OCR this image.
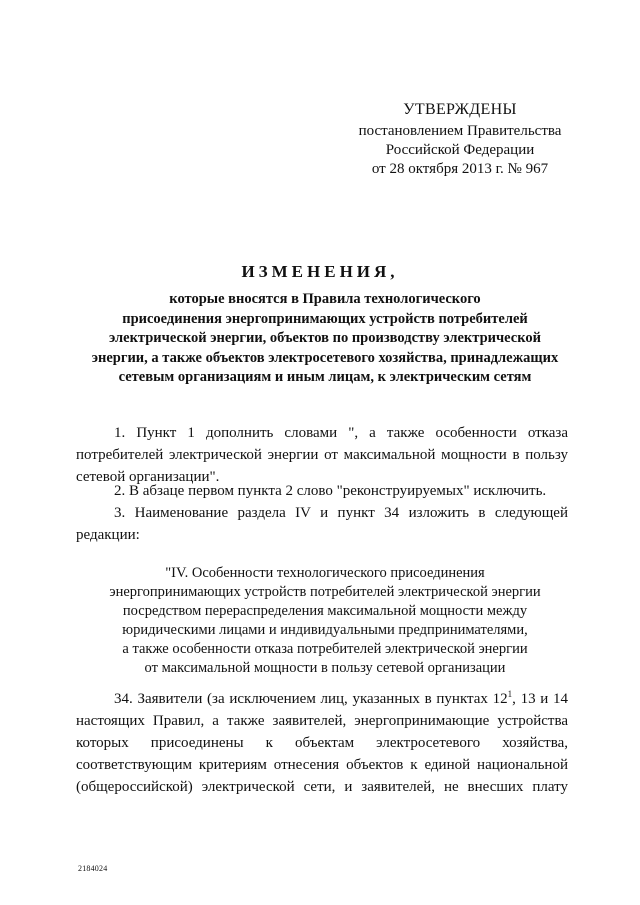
УТВЕРЖДЕНЫ
постановлением Правительства
Российской Федерации
от 28 октября 2013 г. № 967
ИЗМЕНЕНИЯ,
которые вносятся в Правила технологического
присоединения энергопринимающих устройств потребителей
электрической энергии, объектов по производству электрической
энергии, а также объектов электросетевого хозяйства, принадлежащих
сетевым организациям и иным лицам, к электрическим сетям
1. Пункт 1 дополнить словами ", а также особенности отказа
потребителей электрической энергии от максимальной мощности в пользу
сетевой организации".
2. В абзаце первом пункта 2 слово "реконструируемых" исключить.
3. Наименование раздела IV и пункт 34 изложить в следующей
редакции:
"IV. Особенности технологического присоединения
энергопринимающих устройств потребителей электрической энергии
посредством перераспределения максимальной мощности между
юридическими лицами и индивидуальными предпринимателями,
а также особенности отказа потребителей электрической энергии
от максимальной мощности в пользу сетевой организации
34. Заявители (за исключением лиц, указанных в пунктах $12^1$, 13 и 14
настоящих Правил, а также заявителей, энергопринимающие устройства
которых присоединены к объектам электросетевого хозяйства,
соответствующим критериям отнесения объектов к единой национальной
(общероссийской) электрической сети, и заявителей, не внесших плату
2184024
